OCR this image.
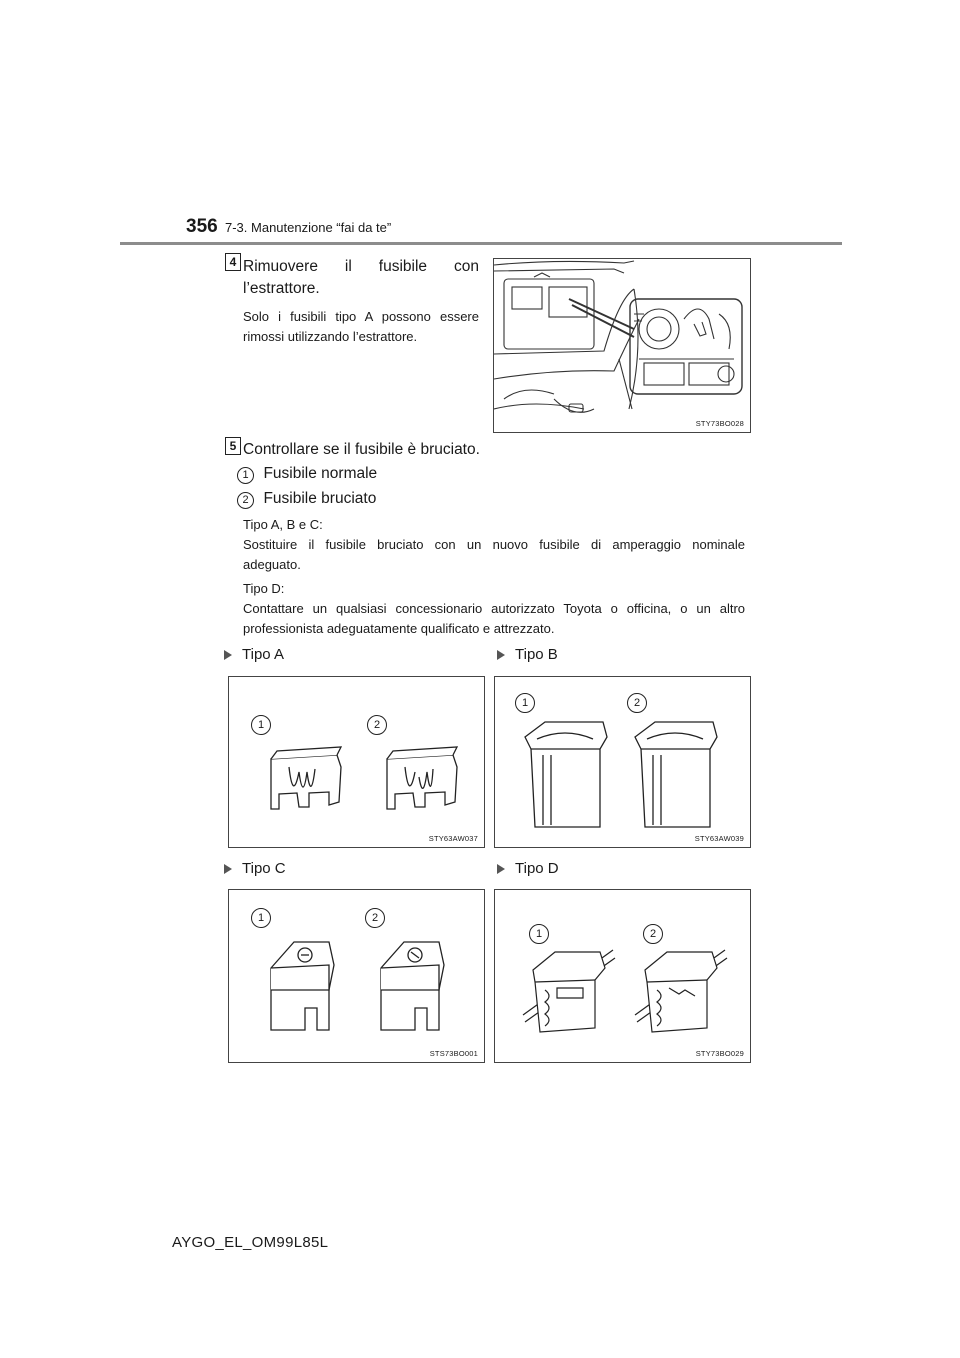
356 7-3. Manutenzione “fai da te”
4 Rimuovere il fusibile con
l’estrattore.
Solo i fusibili tipo A possono essere
rimossi utilizzando l’estrattore.
STY73BO028
5 Controllare se il fusibile è bruciato.
1 Fusibile normale
2 Fusibile bruciato
Tipo A, B e C:
Sostituire il fusibile bruciato con un nuovo fusibile di amperaggio nominale
adeguato.
Tipo D:
Contattare un qualsiasi concessionario autorizzato Toyota o officina, o un altro
professionista adeguatamente qualificato e attrezzato.
Tipo A	Tipo B
Tipo C	Tipo D
1	2
STY63AW037
1	2
STY63AW039
1	2
STS73BO001
1	2
STY73BO029
AYGO_EL_OM99L85L
